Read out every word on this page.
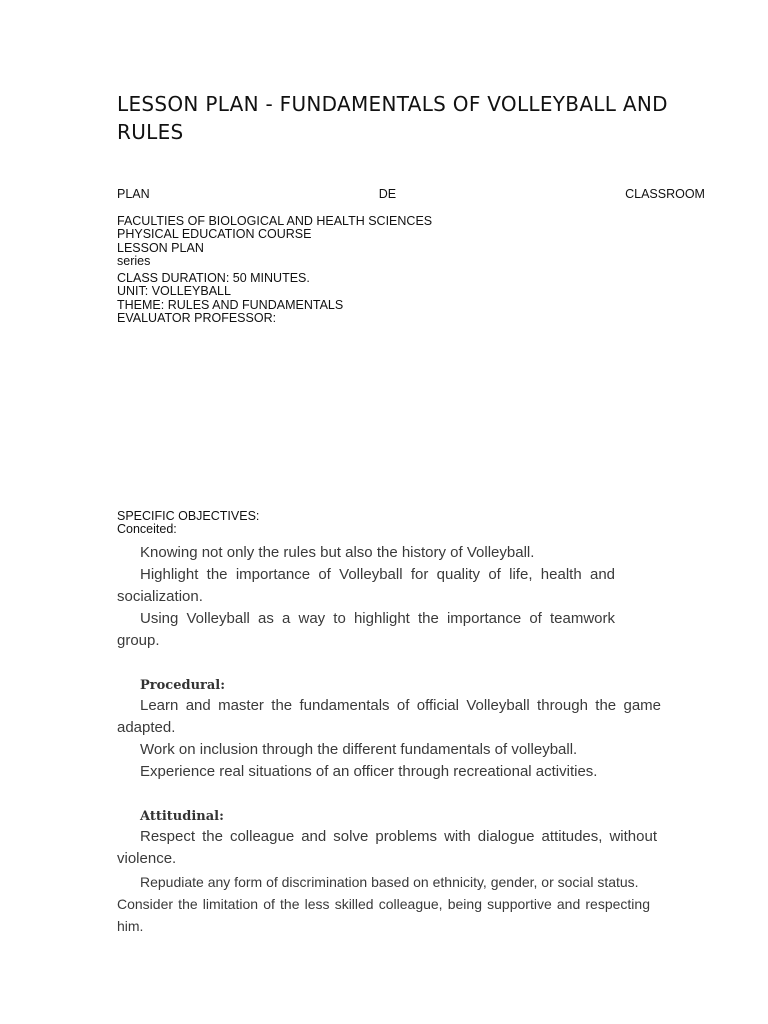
LESSON PLAN - FUNDAMENTALS OF VOLLEYBALL AND RULES
PLAN	DE	CLASSROOM
FACULTIES OF BIOLOGICAL AND HEALTH SCIENCES
PHYSICAL EDUCATION COURSE
LESSON PLAN
series
CLASS DURATION: 50 MINUTES.
UNIT: VOLLEYBALL
THEME: RULES AND FUNDAMENTALS
EVALUATOR PROFESSOR:
SPECIFIC OBJECTIVES:
Conceited:

Knowing not only the rules but also the history of Volleyball.

Highlight the importance of Volleyball for quality of life, health and socialization.

Using Volleyball as a way to highlight the importance of teamwork group.

Procedural:

Learn and master the fundamentals of official Volleyball through the game adapted.

Work on inclusion through the different fundamentals of volleyball.

Experience real situations of an officer through recreational activities.

Attitudinal:

Respect the colleague and solve problems with dialogue attitudes, without violence.

Repudiate any form of discrimination based on ethnicity, gender, or social status.

Consider the limitation of the less skilled colleague, being supportive and respecting him.
